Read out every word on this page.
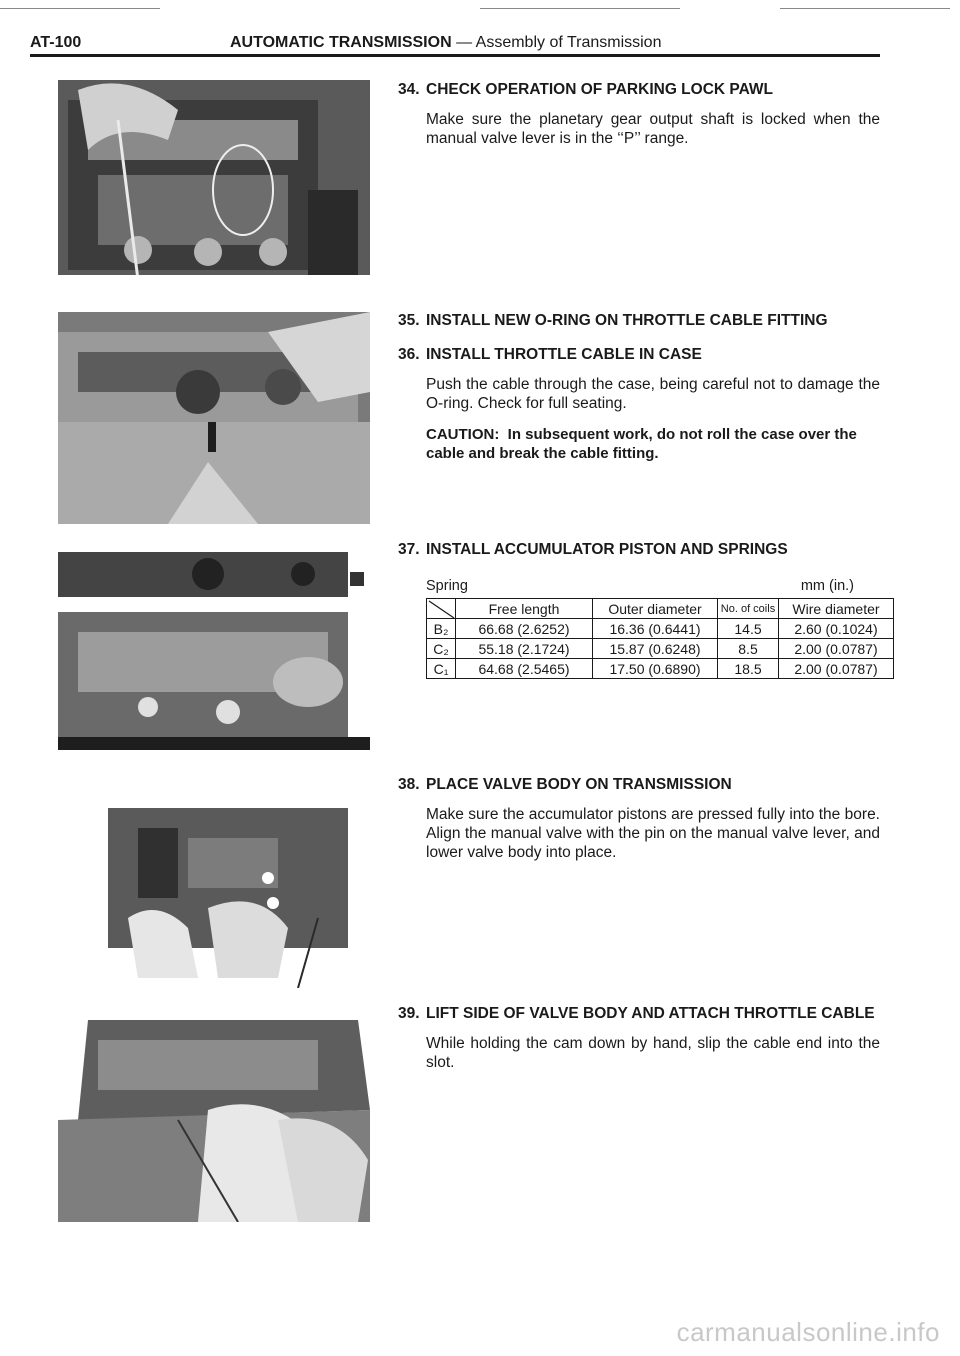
AT-100	AUTOMATIC TRANSMISSION — Assembly of Transmission
34. CHECK OPERATION OF PARKING LOCK PAWL
Make sure the planetary gear output shaft is locked when the manual valve lever is in the ‘‘P’’ range.
35. INSTALL NEW O-RING ON THROTTLE CABLE FITTING
36. INSTALL THROTTLE CABLE IN CASE
Push the cable through the case, being careful not to damage the O-ring. Check for full seating.
CAUTION: In subsequent work, do not roll the case over the cable and break the cable fitting.
37. INSTALL ACCUMULATOR PISTON AND SPRINGS
Spring	mm (in.)
	Free length	Outer diameter	No. of coils	Wire diameter
B₂	66.68 (2.6252)	16.36 (0.6441)	14.5	2.60 (0.1024)
C₂	55.18 (2.1724)	15.87 (0.6248)	8.5	2.00 (0.0787)
C₁	64.68 (2.5465)	17.50 (0.6890)	18.5	2.00 (0.0787)
38. PLACE VALVE BODY ON TRANSMISSION
Make sure the accumulator pistons are pressed fully into the bore. Align the manual valve with the pin on the manual valve lever, and lower valve body into place.
39. LIFT SIDE OF VALVE BODY AND ATTACH THROTTLE CABLE
While holding the cam down by hand, slip the cable end into the slot.
carmanualsonline.info
